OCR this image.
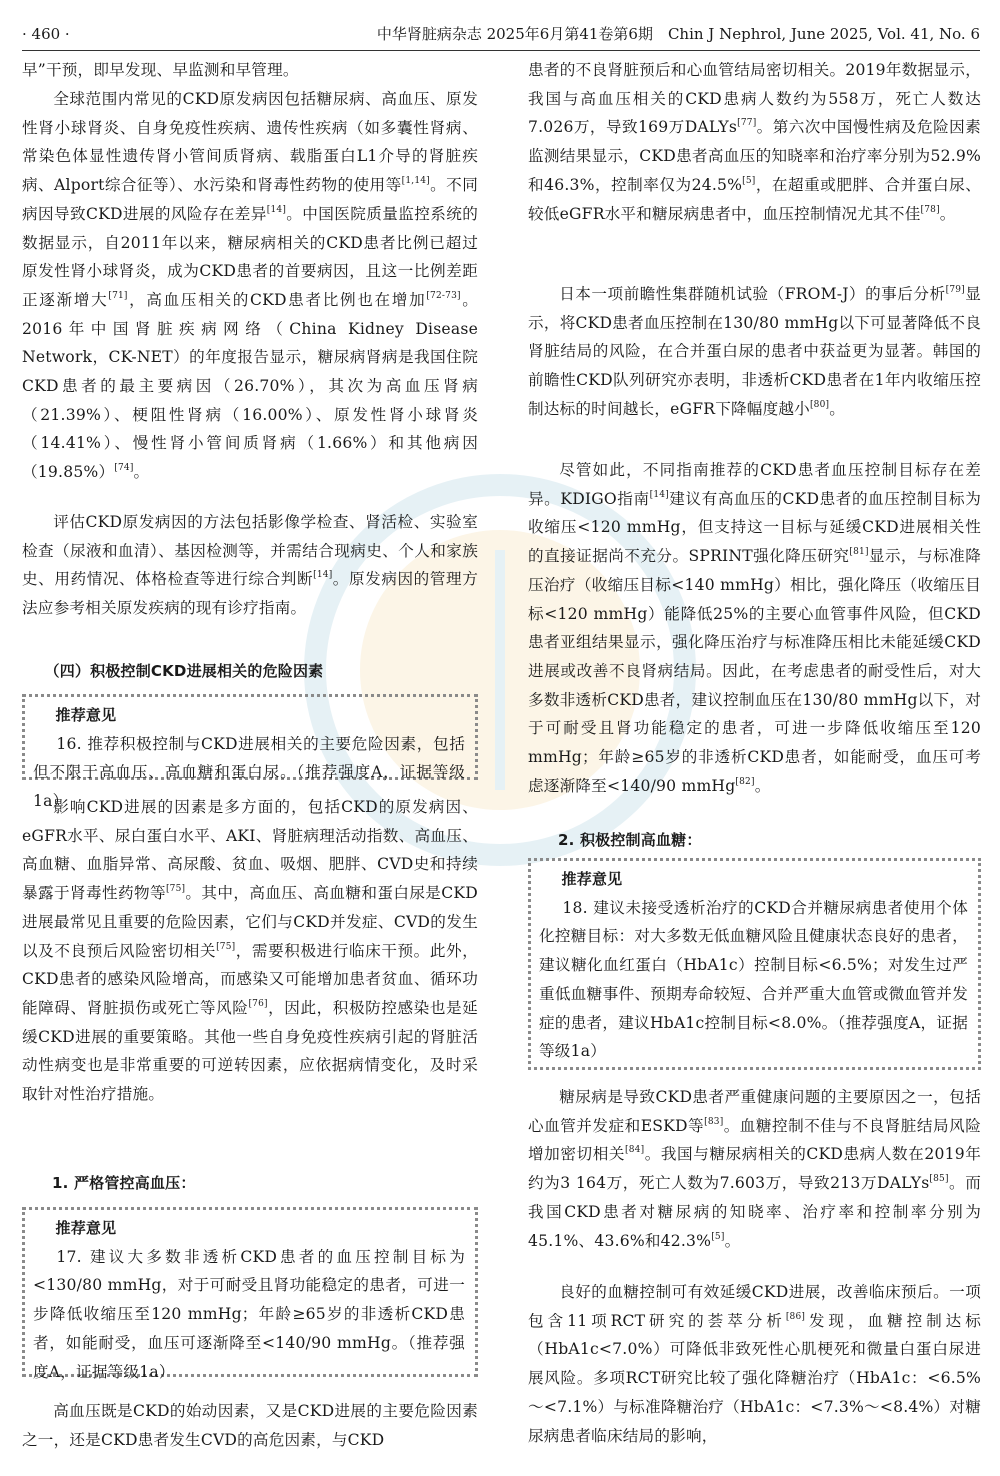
· 460 ·	中华肾脏病杂志 2025年6月第41卷第6期　Chin J Nephrol, June 2025, Vol. 41, No. 6

早”干预，即早发现、早监测和早管理。

全球范围内常见的CKD原发病因包括糖尿病、高血压、原发性肾小球肾炎、自身免疫性疾病、遗传性疾病（如多囊性肾病、常染色体显性遗传肾小管间质肾病、载脂蛋白L1介导的肾脏疾病、Alport综合征等）、水污染和肾毒性药物的使用等[1,14]。不同病因导致CKD进展的风险存在差异[14]。中国医院质量监控系统的数据显示，自2011年以来，糖尿病相关的CKD患者比例已超过原发性肾小球肾炎，成为CKD患者的首要病因，且这一比例差距正逐渐增大[71]，高血压相关的CKD患者比例也在增加[72-73]。2016年中国肾脏疾病网络（China Kidney Disease Network，CK-NET）的年度报告显示，糖尿病肾病是我国住院CKD患者的最主要病因（26.70%），其次为高血压肾病（21.39%）、梗阻性肾病（16.00%）、原发性肾小球肾炎（14.41%）、慢性肾小管间质肾病（1.66%）和其他病因（19.85%）[74]。

评估CKD原发病因的方法包括影像学检查、肾活检、实验室检查（尿液和血清）、基因检测等，并需结合现病史、个人和家族史、用药情况、体格检查等进行综合判断[14]。原发病因的管理方法应参考相关原发疾病的现有诊疗指南。

（四）积极控制CKD进展相关的危险因素
推荐意见
16. 推荐积极控制与CKD进展相关的主要危险因素，包括但不限于高血压、高血糖和蛋白尿。（推荐强度A，证据等级1a）

影响CKD进展的因素是多方面的，包括CKD的原发病因、eGFR水平、尿白蛋白水平、AKI、肾脏病理活动指数、高血压、高血糖、血脂异常、高尿酸、贫血、吸烟、肥胖、CVD史和持续暴露于肾毒性药物等[75]。其中，高血压、高血糖和蛋白尿是CKD进展最常见且重要的危险因素，它们与CKD并发症、CVD的发生以及不良预后风险密切相关[75]，需要积极进行临床干预。此外，CKD患者的感染风险增高，而感染又可能增加患者贫血、循环功能障碍、肾脏损伤或死亡等风险[76]，因此，积极防控感染也是延缓CKD进展的重要策略。其他一些自身免疫性疾病引起的肾脏活动性病变也是非常重要的可逆转因素，应依据病情变化，及时采取针对性治疗措施。

1. 严格管控高血压：
推荐意见
17. 建议大多数非透析CKD患者的血压控制目标为<130/80 mmHg，对于可耐受且肾功能稳定的患者，可进一步降低收缩压至120 mmHg；年龄≥65岁的非透析CKD患者，如能耐受，血压可逐渐降至<140/90 mmHg。（推荐强度A，证据等级1a）

高血压既是CKD的始动因素，又是CKD进展的主要危险因素之一，还是CKD患者发生CVD的高危因素，与CKD

患者的不良肾脏预后和心血管结局密切相关。2019年数据显示，我国与高血压相关的CKD患病人数约为558万，死亡人数达7.026万，导致169万DALYs[77]。第六次中国慢性病及危险因素监测结果显示，CKD患者高血压的知晓率和治疗率分别为52.9%和46.3%，控制率仅为24.5%[5]，在超重或肥胖、合并蛋白尿、较低eGFR水平和糖尿病患者中，血压控制情况尤其不佳[78]。

日本一项前瞻性集群随机试验（FROM-J）的事后分析[79]显示，将CKD患者血压控制在130/80 mmHg以下可显著降低不良肾脏结局的风险，在合并蛋白尿的患者中获益更为显著。韩国的前瞻性CKD队列研究亦表明，非透析CKD患者在1年内收缩压控制达标的时间越长，eGFR下降幅度越小[80]。

尽管如此，不同指南推荐的CKD患者血压控制目标存在差异。KDIGO指南[14]建议有高血压的CKD患者的血压控制目标为收缩压<120 mmHg，但支持这一目标与延缓CKD进展相关性的直接证据尚不充分。SPRINT强化降压研究[81]显示，与标准降压治疗（收缩压目标<140 mmHg）相比，强化降压（收缩压目标<120 mmHg）能降低25%的主要心血管事件风险，但CKD患者亚组结果显示，强化降压治疗与标准降压相比未能延缓CKD进展或改善不良肾病结局。因此，在考虑患者的耐受性后，对大多数非透析CKD患者，建议控制血压在130/80 mmHg以下，对于可耐受且肾功能稳定的患者，可进一步降低收缩压至120 mmHg；年龄≥65岁的非透析CKD患者，如能耐受，血压可考虑逐渐降至<140/90 mmHg[82]。

2. 积极控制高血糖：
推荐意见
18. 建议未接受透析治疗的CKD合并糖尿病患者使用个体化控糖目标：对大多数无低血糖风险且健康状态良好的患者，建议糖化血红蛋白（HbA1c）控制目标<6.5%；对发生过严重低血糖事件、预期寿命较短、合并严重大血管或微血管并发症的患者，建议HbA1c控制目标<8.0%。（推荐强度A，证据等级1a）

糖尿病是导致CKD患者严重健康问题的主要原因之一，包括心血管并发症和ESKD等[83]。血糖控制不佳与不良肾脏结局风险增加密切相关[84]。我国与糖尿病相关的CKD患病人数在2019年约为3 164万，死亡人数为7.603万，导致213万DALYs[85]。而我国CKD患者对糖尿病的知晓率、治疗率和控制率分别为45.1%、43.6%和42.3%[5]。

良好的血糖控制可有效延缓CKD进展，改善临床预后。一项包含11项RCT研究的荟萃分析[86]发现，血糖控制达标（HbA1c<7.0%）可降低非致死性心肌梗死和微量白蛋白尿进展风险。多项RCT研究比较了强化降糖治疗（HbA1c：<6.5%～<7.1%）与标准降糖治疗（HbA1c：<7.3%～<8.4%）对糖尿病患者临床结局的影响，
